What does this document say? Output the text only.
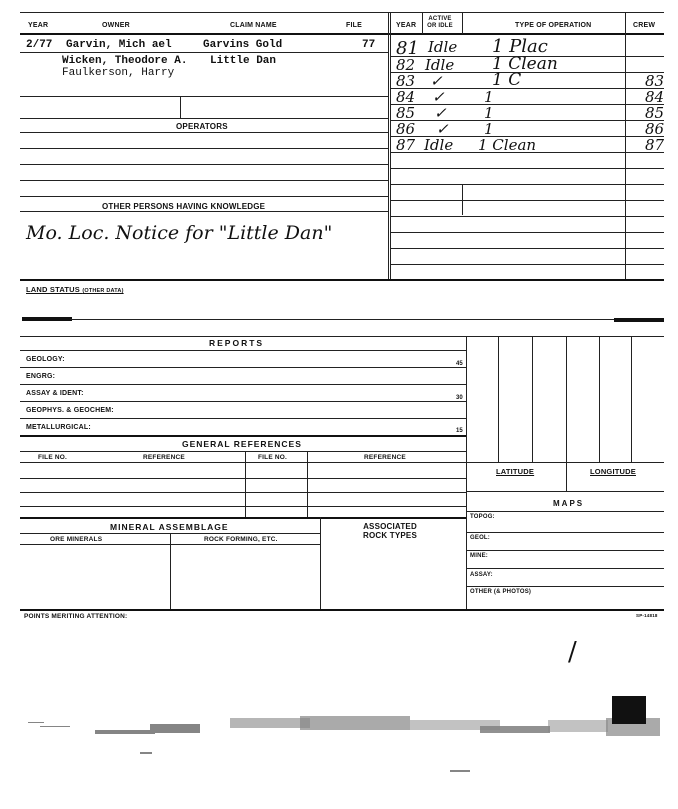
YEAR	OWNER	CLAIM NAME	FILE	YEAR
ACTIVE OR IDLE	TYPE OF OPERATION	CREW
2/77 Garvin, Mich ael	Garvins Gold	77
Wicken, Theodore A. Little Dan
Faulkerson, Harry
OPERATORS
OTHER PERSONS HAVING KNOWLEDGE
Mo. Loc. Notice for "Little Dan"
81 Idle 1 Plac
82 Idle 1 Clean
83 ✓	1 C	83
84 ✓	1	84
85 ✓ 1	85
86 ✓ 1	86
87 Idle 1 Clean	87
LAND STATUS (OTHER DATA)
REPORTS
GEOLOGY:
45
ENGRG:
ASSAY & IDENT:
30
GEOPHYS. & GEOCHEM:
METALLURGICAL:	15
LATITUDE	LONGITUDE
MAPS
TOPOG:
GEOL:
MINE:
ASSAY:
OTHER (& PHOTOS)
GENERAL REFERENCES
FILE NO.	REFERENCE	FILE NO.	REFERENCE
MINERAL ASSEMBLAGE
ORE MINERALS	ROCK FORMING, ETC.
ASSOCIATED ROCK TYPES
POINTS MERITING ATTENTION:	SP-14818
/
